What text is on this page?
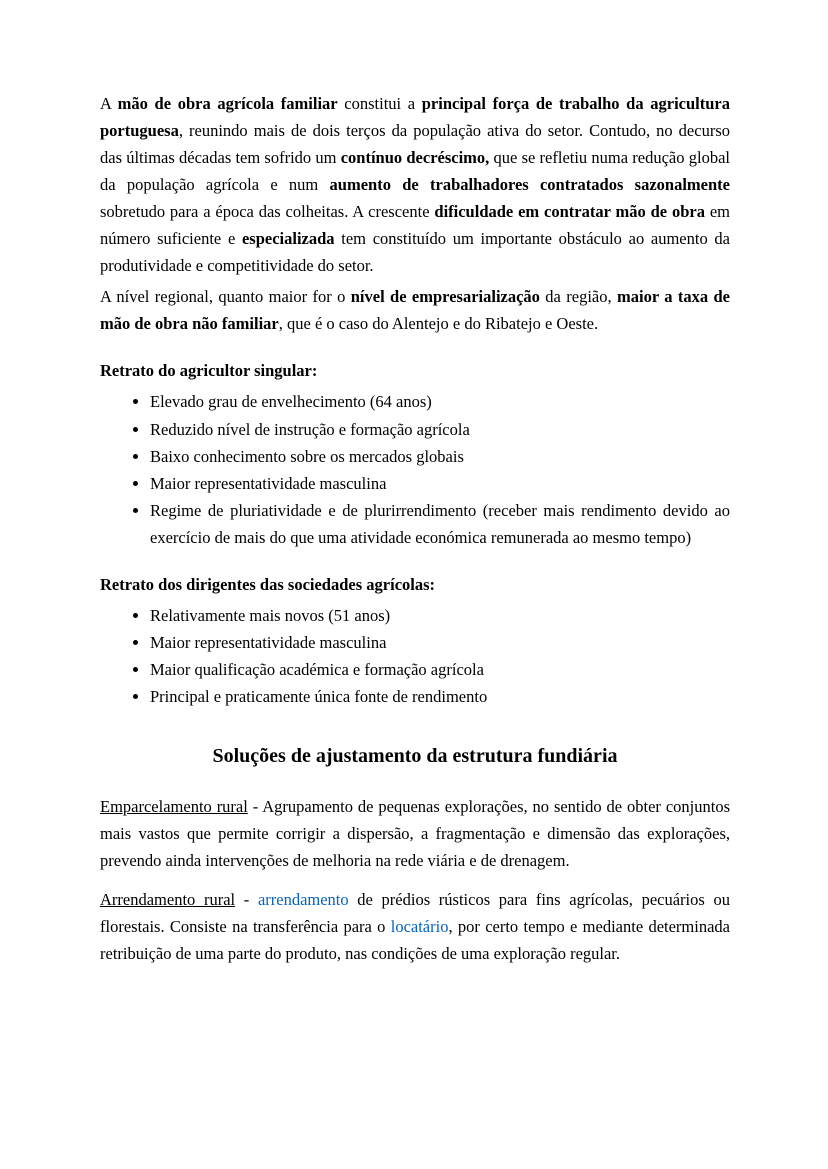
A mão de obra agrícola familiar constitui a principal força de trabalho da agricultura portuguesa, reunindo mais de dois terços da população ativa do setor. Contudo, no decurso das últimas décadas tem sofrido um contínuo decréscimo, que se refletiu numa redução global da população agrícola e num aumento de trabalhadores contratados sazonalmente sobretudo para a época das colheitas. A crescente dificuldade em contratar mão de obra em número suficiente e especializada tem constituído um importante obstáculo ao aumento da produtividade e competitividade do setor.

A nível regional, quanto maior for o nível de empresarialização da região, maior a taxa de mão de obra não familiar, que é o caso do Alentejo e do Ribatejo e Oeste.

Retrato do agricultor singular:
• Elevado grau de envelhecimento (64 anos)
• Reduzido nível de instrução e formação agrícola
• Baixo conhecimento sobre os mercados globais
• Maior representatividade masculina
• Regime de pluriatividade e de plurirrendimento (receber mais rendimento devido ao exercício de mais do que uma atividade económica remunerada ao mesmo tempo)
Retrato dos dirigentes das sociedades agrícolas:
• Relativamente mais novos (51 anos)
• Maior representatividade masculina
• Maior qualificação académica e formação agrícola
• Principal e praticamente única fonte de rendimento
Soluções de ajustamento da estrutura fundiária

Emparcelamento rural - Agrupamento de pequenas explorações, no sentido de obter conjuntos mais vastos que permite corrigir a dispersão, a fragmentação e dimensão das explorações, prevendo ainda intervenções de melhoria na rede viária e de drenagem.

Arrendamento rural - arrendamento de prédios rústicos para fins agrícolas, pecuários ou florestais. Consiste na transferência para o locatário, por certo tempo e mediante determinada retribuição de uma parte do produto, nas condições de uma exploração regular.
